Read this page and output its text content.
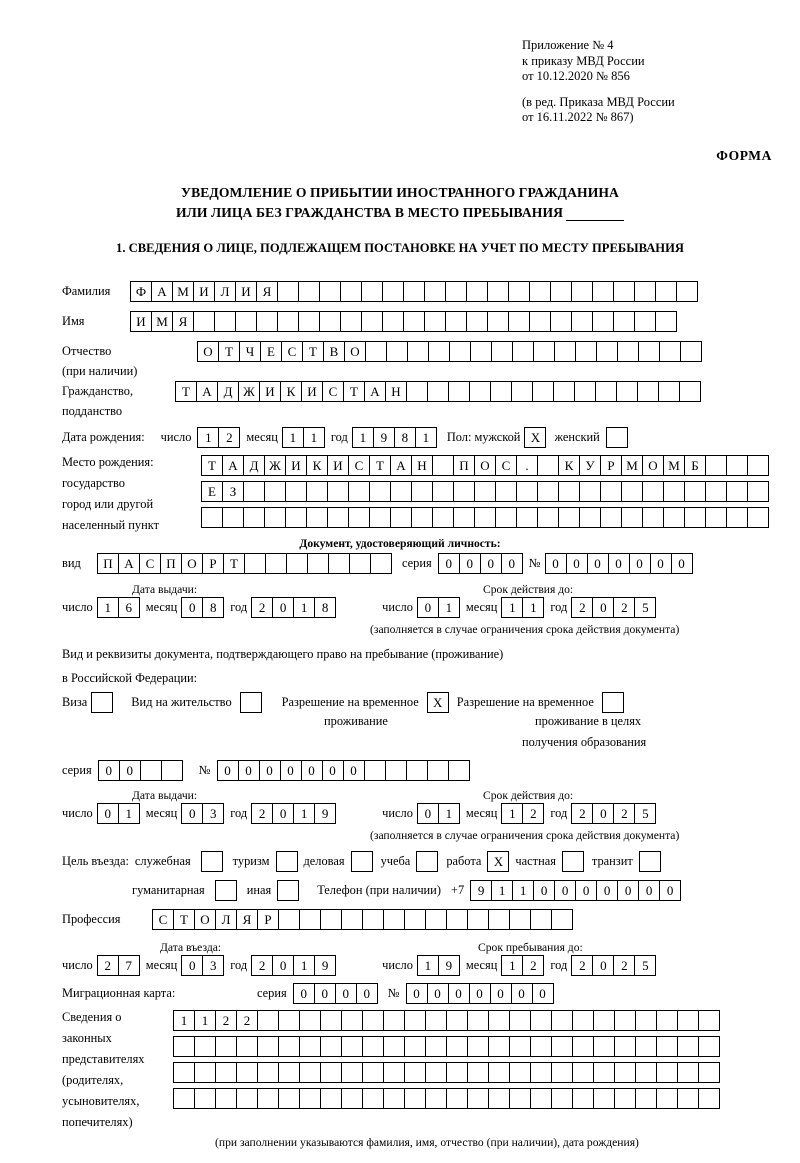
Приложение № 4
к приказу МВД России
от 10.12.2020 № 856
(в ред. Приказа МВД России
от 16.11.2022 № 867)
ФОРМА
УВЕДОМЛЕНИЕ О ПРИБЫТИИ ИНОСТРАННОГО ГРАЖДАНИНА
ИЛИ ЛИЦА БЕЗ ГРАЖДАНСТВА В МЕСТО ПРЕБЫВАНИЯ
1. СВЕДЕНИЯ О ЛИЦЕ, ПОДЛЕЖАЩЕМ ПОСТАНОВКЕ НА УЧЕТ ПО МЕСТУ ПРЕБЫВАНИЯ
Фамилия	Ф А М И Л И Я
Имя	И М Я
Отчество	О Т Ч Е С Т В О
(при наличии)
Гражданство,	Т А Д Ж И К И С Т А Н
подданство
Дата рождения: число	1	2	месяц 1	1	год 1	9	8	1	Пол: мужской X	женский
Место рождения:
государство
город или другой
населенный пункт
Т А Д Ж И К И С Т А Н	П О С	.	К У Р М О М Б
Е	З
Документ, удостоверяющий личность:
вид	П А С П О Р	Т	серия	0	0	0	0	№ 0	0	0	0	0	0	0
Дата выдачи:	Срок действия до:
число 1	6	месяц 0	8	год 2	0	1	8	число 0	1	месяц 1	1	год 2	0	2	5
(заполняется в случае ограничения срока действия документа)
Вид и реквизиты документа, подтверждающего право на пребывание (проживание)
в Российской Федерации:
Виза	Вид на жительство	Разрешение на временное	X	Разрешение на временное
проживание	проживание в целях
получения образования
серия	0	0	№	0	0	0	0	0	0	0
Дата выдачи:	Срок действия до:
число 0	1	месяц 0	3	год 2	0	1	9	число 0	1	месяц 1	2	год 2	0	2	5
(заполняется в случае ограничения срока действия документа)
Цель въезда: служебная	туризм	деловая	учеба	работа X частная	транзит
гуманитарная	иная	Телефон (при наличии) +7	9	1	1	0	0	0	0	0	0	0
Профессия	С Т О Л Я	Р
Дата въезда:	Срок пребывания до:
число 2	7	месяц 0	3	год 2	0	1	9	число 1	9	месяц 1	2	год 2	0	2	5
Миграционная карта:	серия	0	0	0	0	№	0	0	0	0	0	0	0
Сведения о
законных
представителях
(родителях,
усыновителях,
попечителях)
1	1	2	2
(при заполнении указываются фамилия, имя, отчество (при наличии), дата рождения)
